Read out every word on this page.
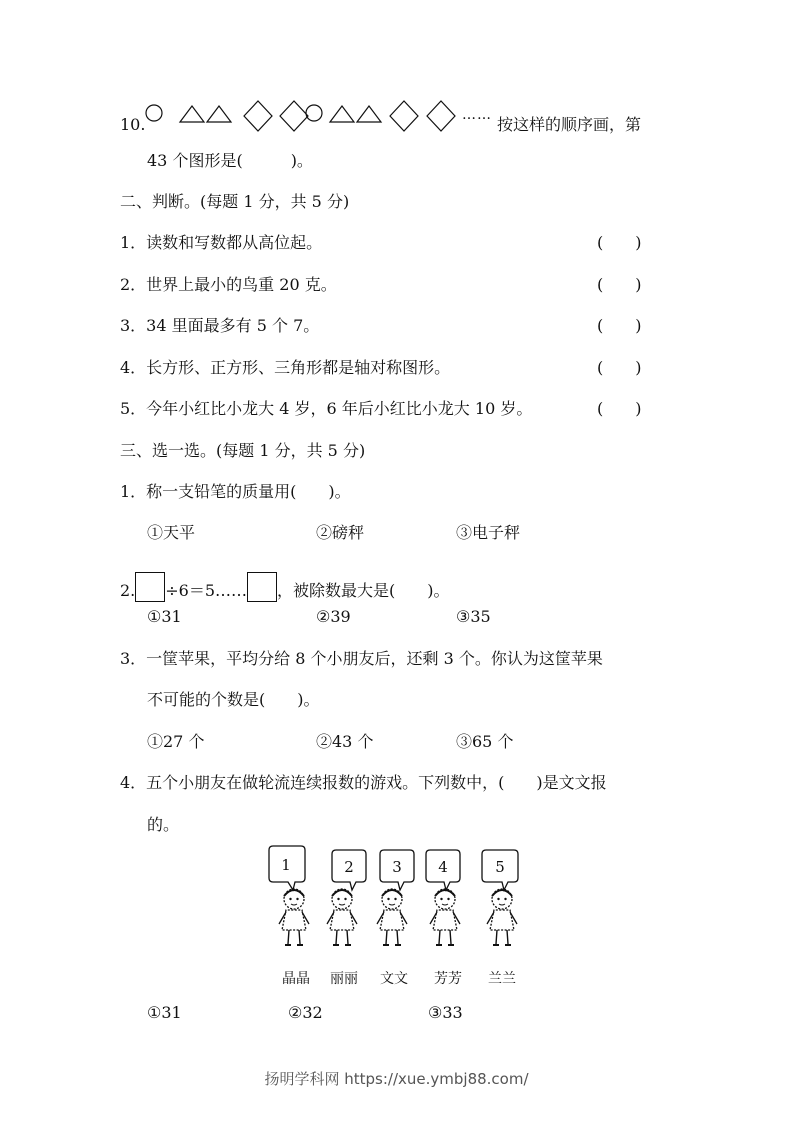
10.	…… 按这样的顺序画，第
43 个图形是(　　　)。
二、判断。(每题 1 分，共 5 分)
1．读数和写数都从高位起。	(　　)
2．世界上最小的鸟重 20 克。	(　　)
3．34 里面最多有 5 个 7。	(　　)
4．长方形、正方形、三角形都是轴对称图形。	(　　)
5．今年小红比小龙大 4 岁，6 年后小红比小龙大 10 岁。	(　　)
三、选一选。(每题 1 分，共 5 分)
1．称一支铅笔的质量用(　　)。
①天平	②磅秤	③电子秤
2. ÷6＝5…… ，被除数最大是(　　)。
①31	②39	③35
3．一筐苹果，平均分给 8 个小朋友后，还剩 3 个。你认为这筐苹果
不可能的个数是(　　)。
①27 个	②43 个	③65 个
4．五个小朋友在做轮流连续报数的游戏。下列数中，(　　)是文文报
的。
1	2	3 4	5
晶晶 丽丽 文文 芳芳 兰兰
①31	②32	③33
扬明学科网 https://xue.ymbj88.com/
